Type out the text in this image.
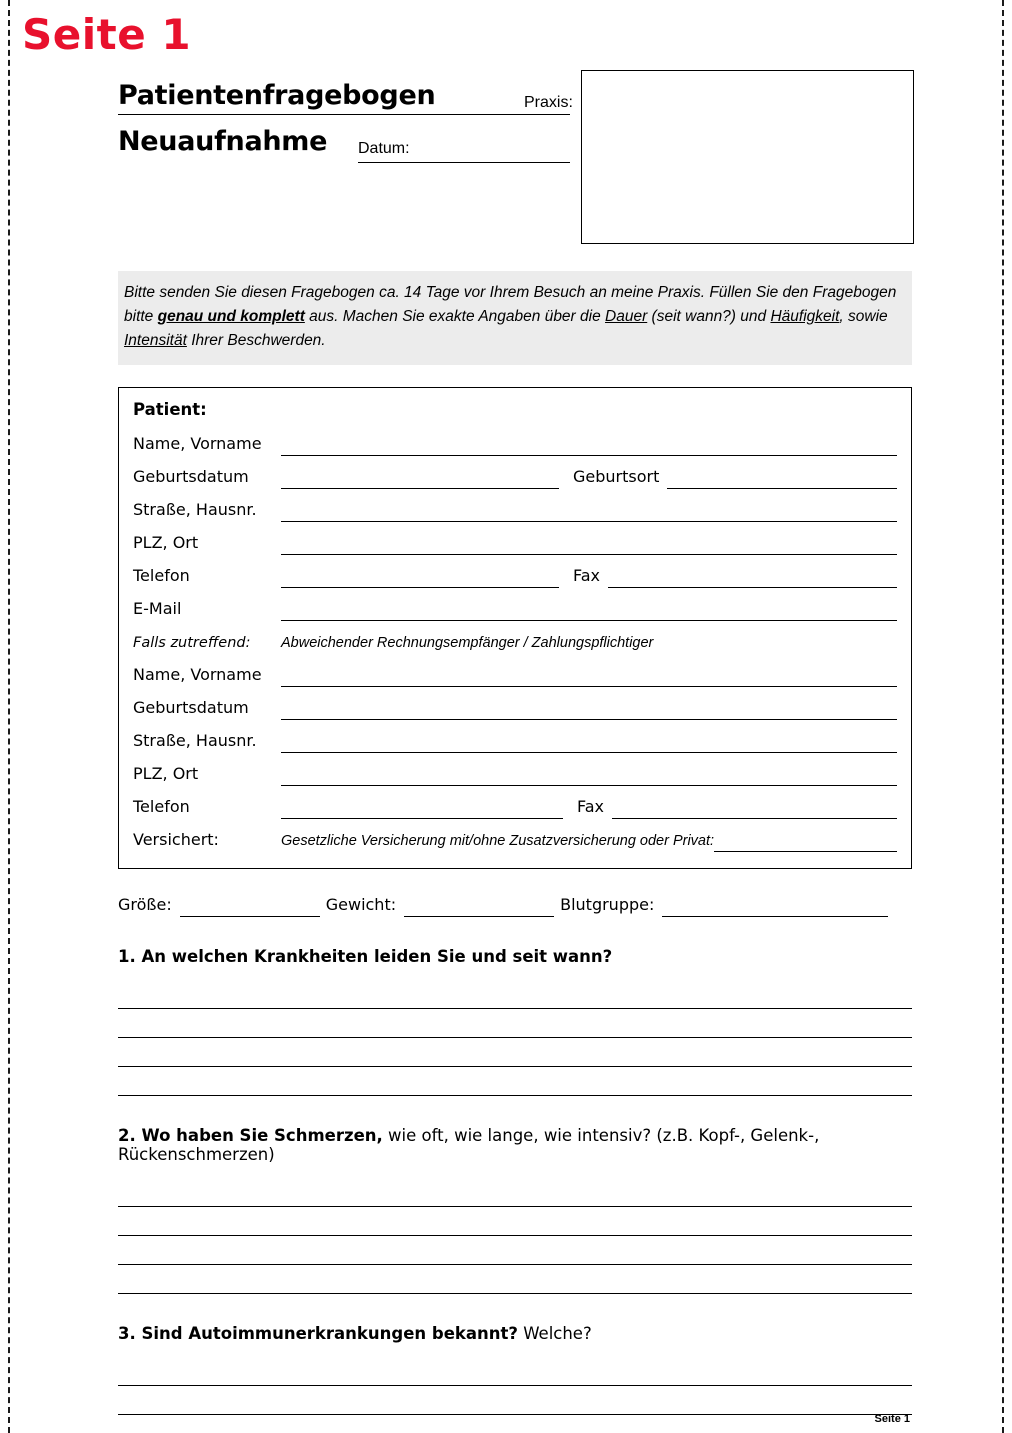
Seite 1
Patientenfragebogen
Neuaufnahme
Praxis:
Datum:
Bitte senden Sie diesen Fragebogen ca. 14 Tage vor Ihrem Besuch an meine Praxis. Füllen Sie den Fragebogen bitte genau und komplett aus. Machen Sie exakte Angaben über die Dauer (seit wann?) und Häufigkeit, sowie Intensität Ihrer Beschwerden.
Patient:
Name, Vorname
Geburtsdatum	Geburtsort
Straße, Hausnr.
PLZ, Ort
Telefon	Fax
E-Mail
Falls zutreffend:	Abweichender Rechnungsempfänger / Zahlungspflichtiger
Name, Vorname
Geburtsdatum
Straße, Hausnr.
PLZ, Ort
Telefon	Fax
Versichert:	Gesetzliche Versicherung mit/ohne Zusatzversicherung oder Privat:
Größe:	Gewicht:	Blutgruppe:
1. An welchen Krankheiten leiden Sie und seit wann?
2. Wo haben Sie Schmerzen, wie oft, wie lange, wie intensiv? (z.B. Kopf-, Gelenk-, Rückenschmerzen)
3. Sind Autoimmunerkrankungen bekannt? Welche?
Seite 1
